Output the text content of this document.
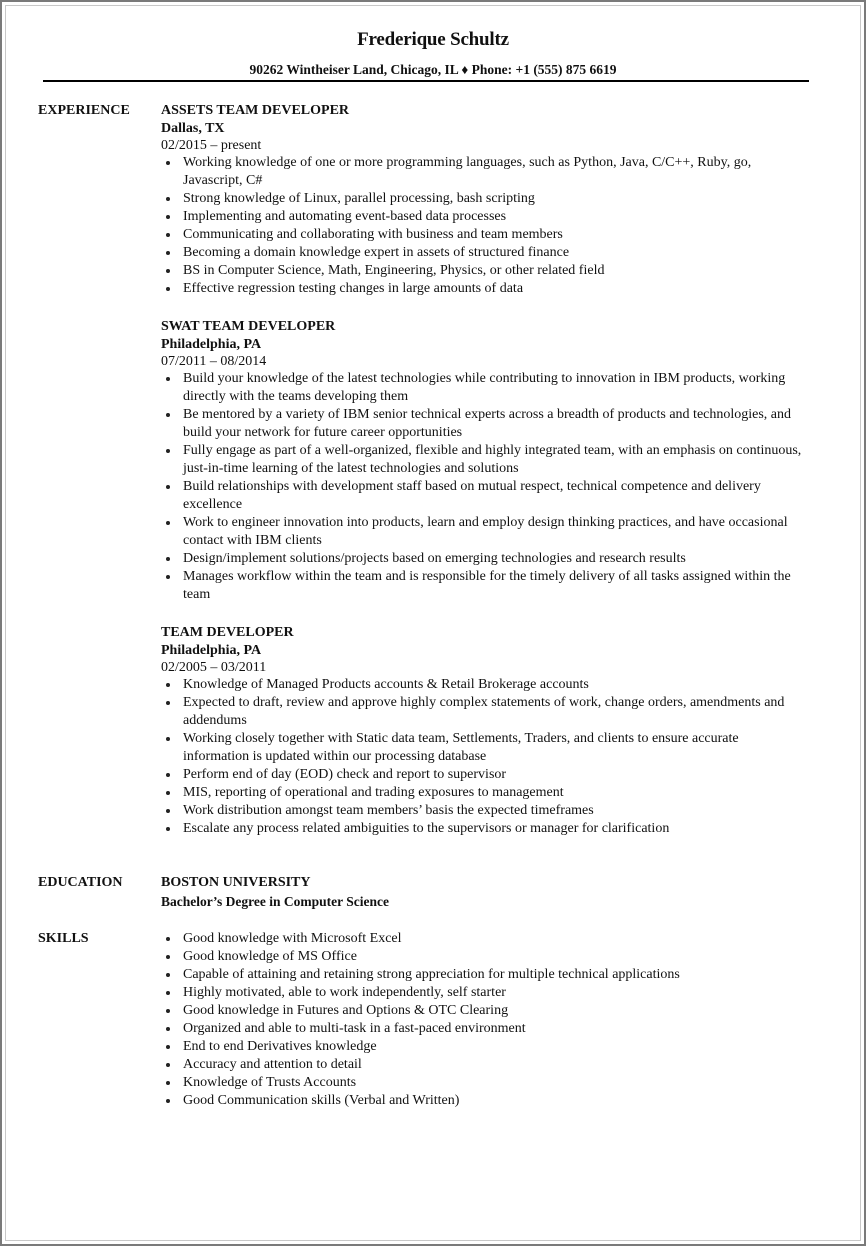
Frederique Schultz
90262 Wintheiser Land, Chicago, IL ♦ Phone: +1 (555) 875 6619
EXPERIENCE ASSETS TEAM DEVELOPER
Dallas, TX
02/2015 – present
Working knowledge of one or more programming languages, such as Python, Java, C/C++, Ruby, go, Javascript, C#
Strong knowledge of Linux, parallel processing, bash scripting
Implementing and automating event-based data processes
Communicating and collaborating with business and team members
Becoming a domain knowledge expert in assets of structured finance
BS in Computer Science, Math, Engineering, Physics, or other related field
Effective regression testing changes in large amounts of data
SWAT TEAM DEVELOPER
Philadelphia, PA
07/2011 – 08/2014
Build your knowledge of the latest technologies while contributing to innovation in IBM products, working directly with the teams developing them
Be mentored by a variety of IBM senior technical experts across a breadth of products and technologies, and build your network for future career opportunities
Fully engage as part of a well-organized, flexible and highly integrated team, with an emphasis on continuous, just-in-time learning of the latest technologies and solutions
Build relationships with development staff based on mutual respect, technical competence and delivery excellence
Work to engineer innovation into products, learn and employ design thinking practices, and have occasional contact with IBM clients
Design/implement solutions/projects based on emerging technologies and research results
Manages workflow within the team and is responsible for the timely delivery of all tasks assigned within the team
TEAM DEVELOPER
Philadelphia, PA
02/2005 – 03/2011
Knowledge of Managed Products accounts & Retail Brokerage accounts
Expected to draft, review and approve highly complex statements of work, change orders, amendments and addendums
Working closely together with Static data team, Settlements, Traders, and clients to ensure accurate information is updated within our processing database
Perform end of day (EOD) check and report to supervisor
MIS, reporting of operational and trading exposures to management
Work distribution amongst team members’ basis the expected timeframes
Escalate any process related ambiguities to the supervisors or manager for clarification
EDUCATION	BOSTON UNIVERSITY
Bachelor’s Degree in Computer Science
SKILLS	Good knowledge with Microsoft Excel
Good knowledge of MS Office
Capable of attaining and retaining strong appreciation for multiple technical applications
Highly motivated, able to work independently, self starter
Good knowledge in Futures and Options & OTC Clearing
Organized and able to multi-task in a fast-paced environment
End to end Derivatives knowledge
Accuracy and attention to detail
Knowledge of Trusts Accounts
Good Communication skills (Verbal and Written)
